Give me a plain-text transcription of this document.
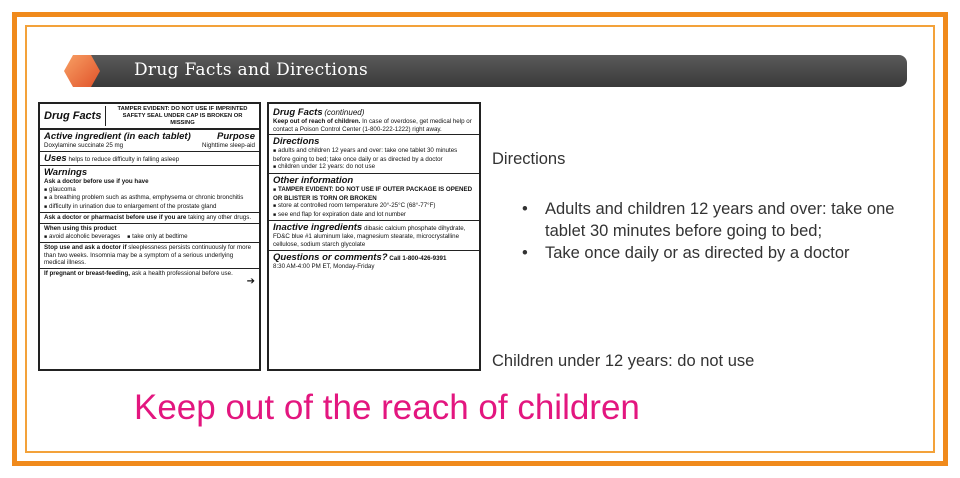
Drug Facts and Directions
Drug Facts
TAMPER EVIDENT: DO NOT USE IF IMPRINTED SAFETY SEAL UNDER CAP IS BROKEN OR MISSING
Active ingredient (in each tablet)	Purpose
Doxylamine succinate 25 mg	Nighttime sleep-aid
Uses helps to reduce difficulty in falling asleep
Warnings
Ask a doctor before use if you have
■ glaucoma
■ a breathing problem such as asthma, emphysema or chronic bronchitis
■ difficulty in urination due to enlargement of the prostate gland
Ask a doctor or pharmacist before use if you are taking any other drugs.
When using this product
■ avoid alcoholic beverages    ■ take only at bedtime
Stop use and ask a doctor if sleeplessness persists continuously for more than two weeks. Insomnia may be a symptom of a serious underlying medical illness.
If pregnant or breast-feeding, ask a health professional before use.
➔
Drug Facts (continued)
Keep out of reach of children. In case of overdose, get medical help or contact a Poison Control Center (1-800-222-1222) right away.
Directions
■ adults and children 12 years and over: take one tablet 30 minutes before going to bed; take once daily or as directed by a doctor
■ children under 12 years: do not use
Other information
■ TAMPER EVIDENT: DO NOT USE IF OUTER PACKAGE IS OPENED OR BLISTER IS TORN OR BROKEN
■ store at controlled room temperature 20°-25°C (68°-77°F)
■ see end flap for expiration date and lot number
Inactive ingredients dibasic calcium phosphate dihydrate, FD&C blue #1 aluminum lake, magnesium stearate, microcrystalline cellulose, sodium starch glycolate
Questions or comments? Call 1-800-426-9391
8:30 AM-4:00 PM ET, Monday-Friday
Directions
• Adults and children 12 years and over: take one tablet 30 minutes before going to bed;
• Take once daily or as directed by a doctor
Children under 12 years: do not use
Keep out of the reach of children
